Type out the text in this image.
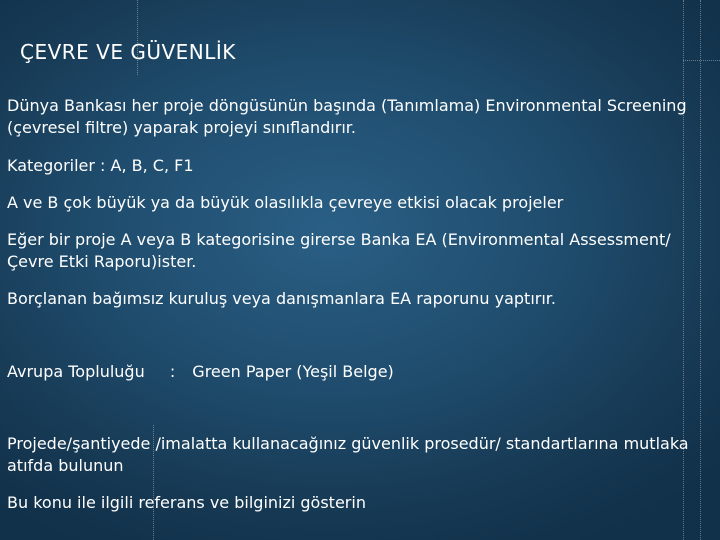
ÇEVRE VE GÜVENLİK
Dünya Bankası her proje döngüsünün başında (Tanımlama) Environmental Screening (çevresel filtre) yaparak projeyi sınıflandırır.
Kategoriler : A, B, C, F1
A ve B çok büyük ya da büyük olasılıkla çevreye etkisi olacak projeler
Eğer bir proje A veya B kategorisine girerse Banka EA (Environmental Assessment/Çevre Etki Raporu)ister.
Borçlanan bağımsız kuruluş veya danışmanlara EA raporunu yaptırır.
Avrupa Topluluğu : Green Paper (Yeşil Belge)
Projede/şantiyede /imalatta kullanacağınız güvenlik prosedür/ standartlarına mutlaka atıfda bulunun
Bu konu ile ilgili referans ve bilginizi gösterin
